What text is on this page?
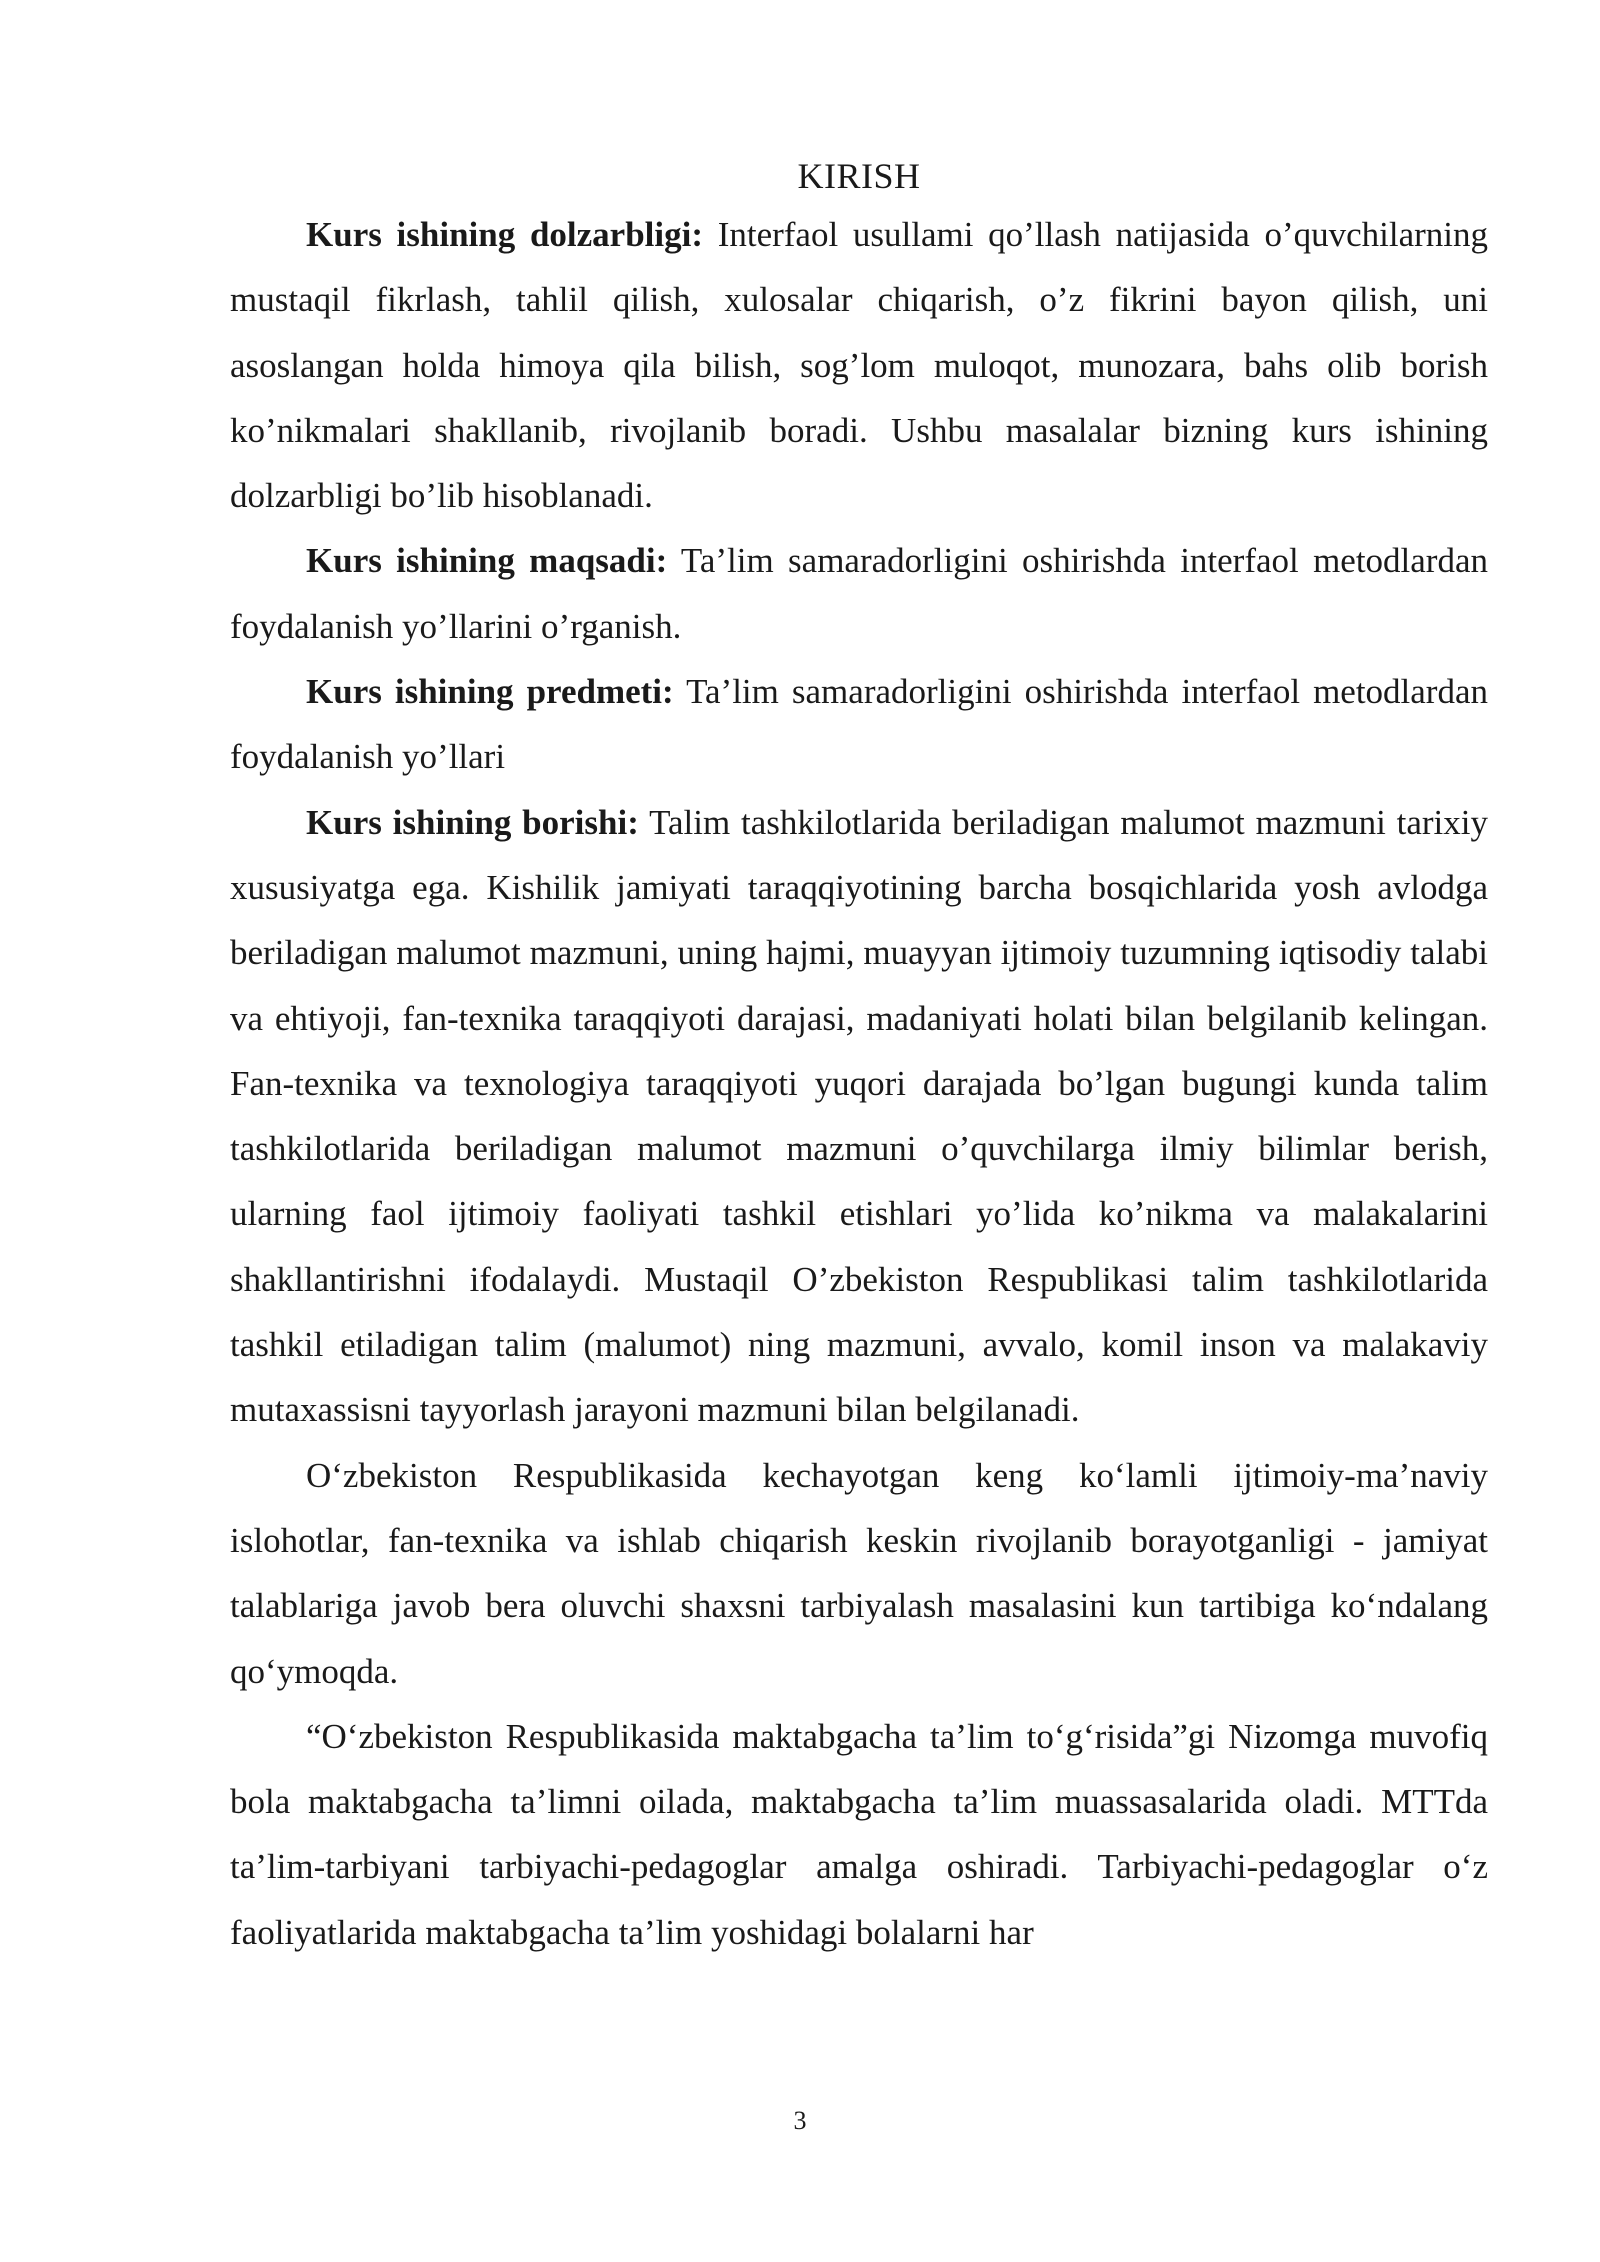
KIRISH

Kurs ishining dolzarbligi: Interfaol usullami qo’llash natijasida o’quvchilarning mustaqil fikrlash, tahlil qilish, xulosalar chiqarish, o’z fikrini bayon qilish, uni asoslangan holda himoya qila bilish, sog’lom muloqot, munozara, bahs olib borish ko’nikmalari shakllanib, rivojlanib boradi. Ushbu masalalar bizning kurs ishining dolzarbligi bo’lib hisoblanadi.

Kurs ishining maqsadi: Ta’lim samaradorligini oshirishda interfaol metodlardan foydalanish yo’llarini o’rganish.

Kurs ishining predmeti: Ta’lim samaradorligini oshirishda interfaol metodlardan foydalanish yo’llari

Kurs ishining borishi: Talim tashkilotlarida beriladigan malumot mazmuni tarixiy xususiyatga ega. Kishilik jamiyati taraqqiyotining barcha bosqichlarida yosh avlodga beriladigan malumot mazmuni, uning hajmi, muayyan ijtimoiy tuzumning iqtisodiy talabi va ehtiyoji, fan-texnika taraqqiyoti darajasi, madaniyati holati bilan belgilanib kelingan. Fan-texnika va texnologiya taraqqiyoti yuqori darajada bo’lgan bugungi kunda talim tashkilotlarida beriladigan malumot mazmuni o’quvchilarga ilmiy bilimlar berish, ularning faol ijtimoiy faoliyati tashkil etishlari yo’lida ko’nikma va malakalarini shakllantirishni ifodalaydi. Mustaqil O’zbekiston Respublikasi talim tashkilotlarida tashkil etiladigan talim (malumot) ning mazmuni, avvalo, komil inson va malakaviy mutaxassisni tayyorlash jarayoni mazmuni bilan belgilanadi.

O‘zbekiston Respublikasida kechayotgan keng ko‘lamli ijtimoiy-ma’naviy islohotlar, fan-texnika va ishlab chiqarish keskin rivojlanib borayotganligi - jamiyat talablariga javob bera oluvchi shaxsni tarbiyalash masalasini kun tartibiga ko‘ndalang qo‘ymoqda.

“O‘zbekiston Respublikasida maktabgacha ta’lim to‘g‘risida”gi Nizomga muvofiq bola maktabgacha ta’limni oilada, maktabgacha ta’lim muassasalarida oladi. MTTda ta’lim-tarbiyani tarbiyachi-pedagoglar amalga oshiradi. Tarbiyachi-pedagoglar o‘z faoliyatlarida maktabgacha ta’lim yoshidagi bolalarni har

3
